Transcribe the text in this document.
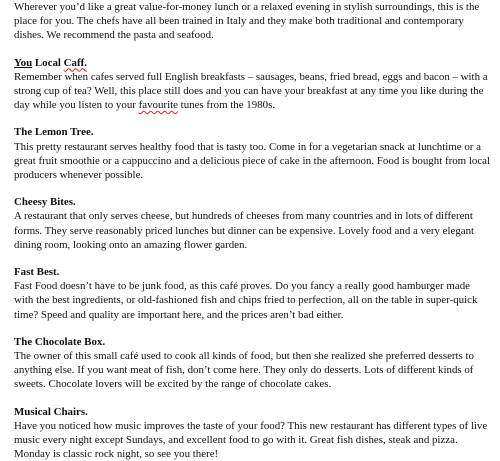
Wherever you’d like a great value-for-money lunch or a relaxed evening in stylish surroundings, this is the place for you. The chefs have all been trained in Italy and they make both traditional and contemporary dishes. We recommend the pasta and seafood.

You Local Caff.

Remember when cafes served full English breakfasts – sausages, beans, fried bread, eggs and bacon – with a strong cup of tea? Well, this place still does and you can have your breakfast at any time you like during the day while you listen to your favourite tunes from the 1980s.

The Lemon Tree.

This pretty restaurant serves healthy food that is tasty too. Come in for a vegetarian snack at lunchtime or a great fruit smoothie or a cappuccino and a delicious piece of cake in the afternoon. Food is bought from local producers whenever possible.

Cheesy Bites.

A restaurant that only serves cheese, but hundreds of cheeses from many countries and in lots of different forms. They serve reasonably priced lunches but dinner can be expensive. Lovely food and a very elegant dining room, looking onto an amazing flower garden.

Fast Best.

Fast Food doesn’t have to be junk food, as this café proves. Do you fancy a really good hamburger made with the best ingredients, or old-fashioned fish and chips fried to perfection, all on the table in super-quick time? Speed and quality are important here, and the prices aren’t bad either.

The Chocolate Box.

The owner of this small café used to cook all kinds of food, but then she realized she preferred desserts to anything else. If you want meat of fish, don’t come here. They only do desserts. Lots of different kinds of sweets. Chocolate lovers will be excited by the range of chocolate cakes.

Musical Chairs.

Have you noticed how music improves the taste of your food? This new restaurant has different types of live music every night except Sundays, and excellent food to go with it. Great fish dishes, steak and pizza. Monday is classic rock night, so see you there!
